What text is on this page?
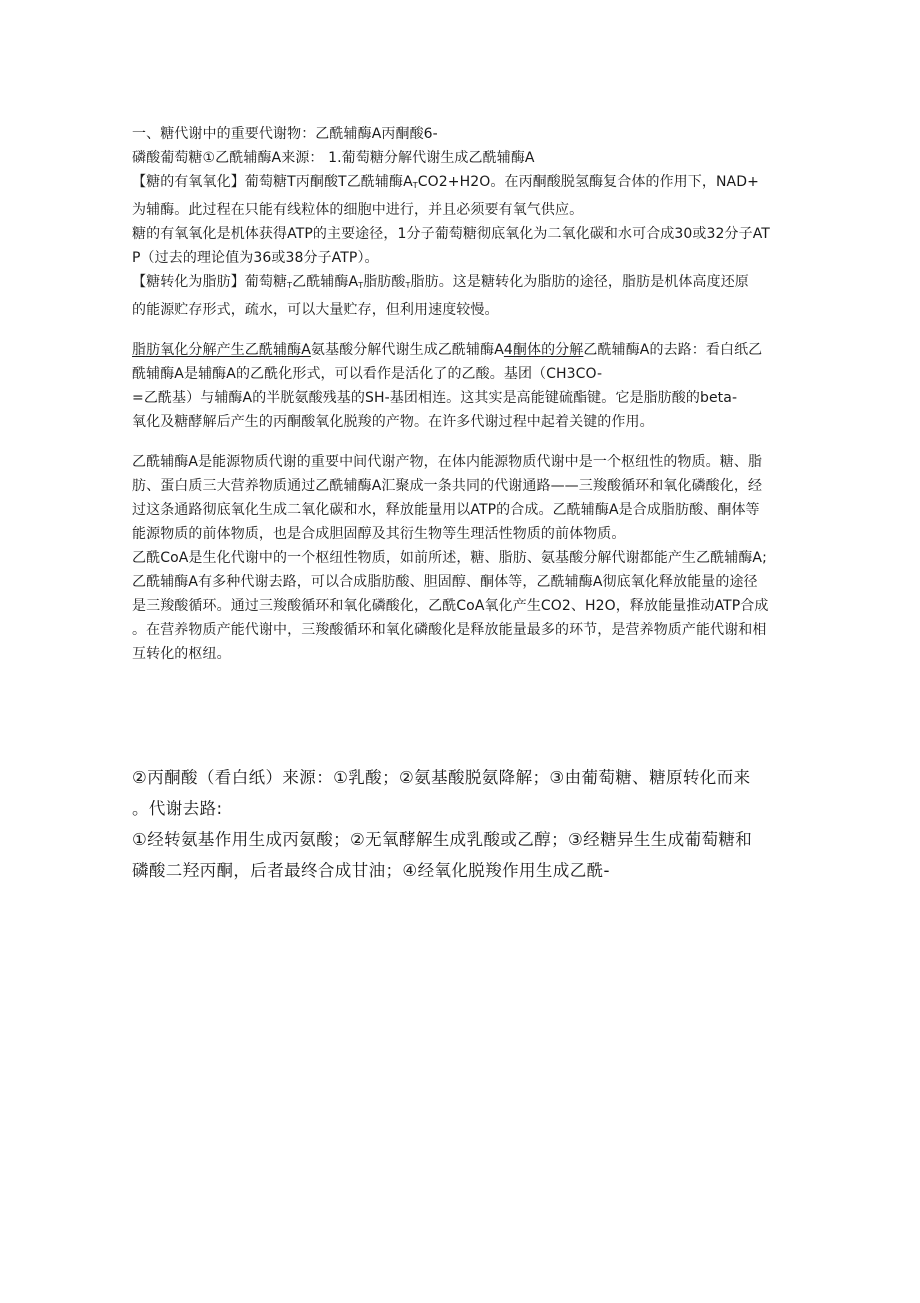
一、糖代谢中的重要代谢物：乙酰辅酶A丙酮酸6-
磷酸葡萄糖①乙酰辅酶A来源： 1.葡萄糖分解代谢生成乙酰辅酶A
【糖的有氧氧化】葡萄糖T丙酮酸T乙酰辅酶$A_TCO2+H2O$。在丙酮酸脱氢酶复合体的作用下，NAD+
为辅酶。此过程在只能有线粒体的细胞中进行，并且必须要有氧气供应。
糖的有氧氧化是机体获得ATP的主要途径，1分子葡萄糖彻底氧化为二氧化碳和水可合成30或32分子AT
P（过去的理论值为36或38分子ATP）。
【糖转化为脂肪】葡萄糖$_T$乙酰辅酶$A_T$脂肪酸$_T$脂肪。这是糖转化为脂肪的途径，脂肪是机体高度还原
的能源贮存形式，疏水，可以大量贮存，但利用速度较慢。
脂肪氧化分解产生乙酰辅酶A氨基酸分解代谢生成乙酰辅酶A4酮体的分解乙酰辅酶A的去路：看白纸乙
酰辅酶A是辅酶A的乙酰化形式，可以看作是活化了的乙酸。基团（CH3CO-
=乙酰基）与辅酶A的半胱氨酸残基的SH-基团相连。这其实是高能键硫酯键。它是脂肪酸的beta-
氧化及糖酵解后产生的丙酮酸氧化脱羧的产物。在许多代谢过程中起着关键的作用。
乙酰辅酶A是能源物质代谢的重要中间代谢产物，在体内能源物质代谢中是一个枢纽性的物质。糖、脂
肪、蛋白质三大营养物质通过乙酰辅酶A汇聚成一条共同的代谢通路——三羧酸循环和氧化磷酸化，经
过这条通路彻底氧化生成二氧化碳和水，释放能量用以ATP的合成。乙酰辅酶A是合成脂肪酸、酮体等
能源物质的前体物质，也是合成胆固醇及其衍生物等生理活性物质的前体物质。
乙酰CoA是生化代谢中的一个枢纽性物质，如前所述，糖、脂肪、氨基酸分解代谢都能产生乙酰辅酶A;
乙酰辅酶A有多种代谢去路，可以合成脂肪酸、胆固醇、酮体等，乙酰辅酶A彻底氧化释放能量的途径
是三羧酸循环。通过三羧酸循环和氧化磷酸化，乙酰CoA氧化产生CO2、H2O，释放能量推动ATP合成
。在营养物质产能代谢中，三羧酸循环和氧化磷酸化是释放能量最多的环节，是营养物质产能代谢和相
互转化的枢纽。
②丙酮酸（看白纸）来源：①乳酸；②氨基酸脱氨降解；③由葡萄糖、糖原转化而来
。代谢去路:
①经转氨基作用生成丙氨酸；②无氧酵解生成乳酸或乙醇；③经糖异生生成葡萄糖和
磷酸二羟丙酮，后者最终合成甘油；④经氧化脱羧作用生成乙酰-
